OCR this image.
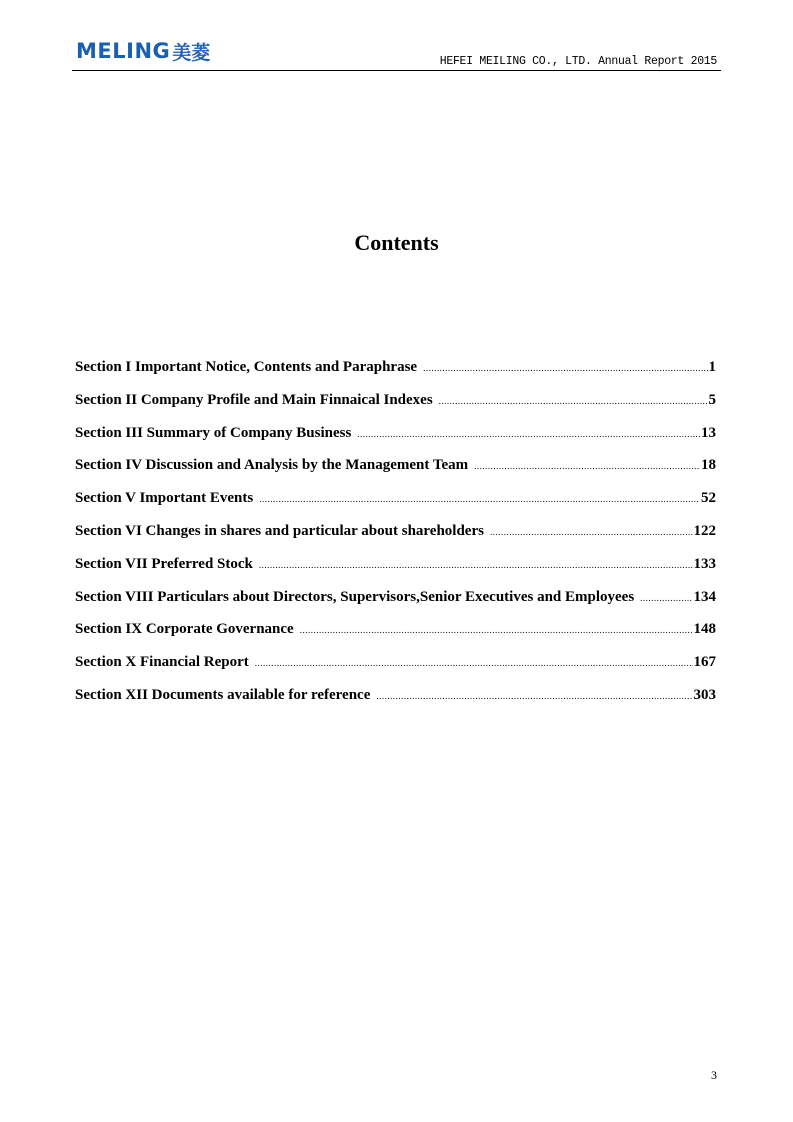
MELING 美菱	HEFEI MEILING CO., LTD. Annual Report 2015
Contents
Section I Important Notice, Contents and Paraphrase .....	1
Section II Company Profile and Main Finnaical Indexes .....	5
Section III Summary of Company Business .....	13
Section IV Discussion and Analysis by the Management Team .....	18
Section V Important Events .....	52
Section VI Changes in shares and particular about shareholders .....	122
Section VII Preferred Stock .....	133
Section VIII Particulars about Directors, Supervisors,Senior Executives and Employees .....	134
Section IX Corporate Governance .....	148
Section X Financial Report .....	167
Section XII Documents available for reference .....	303
3
